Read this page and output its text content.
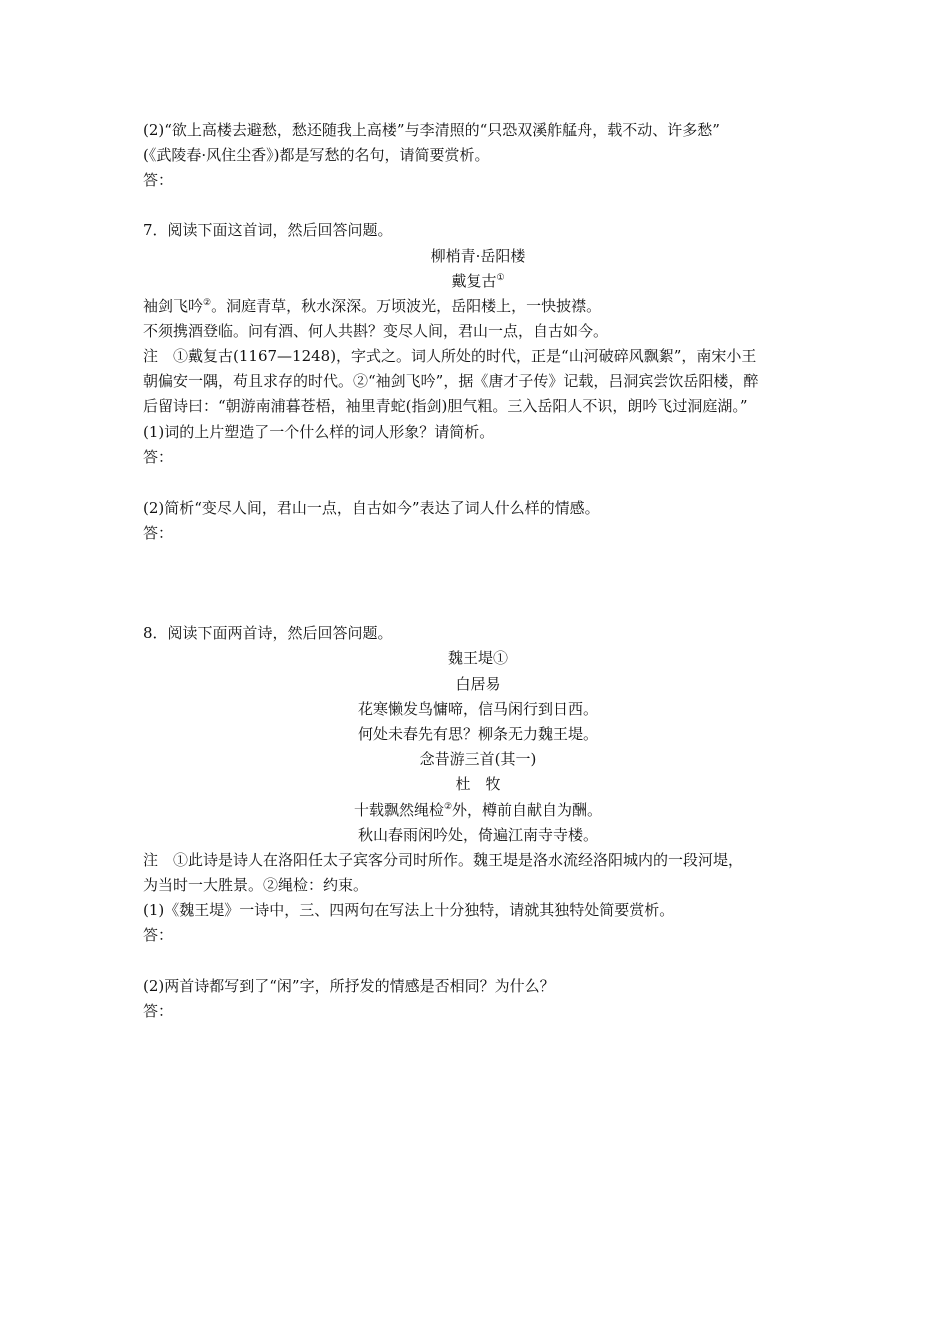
(2)“欲上高楼去避愁，愁还随我上高楼”与李清照的“只恐双溪舴艋舟，载不动、许多愁”
(《武陵春·风住尘香》)都是写愁的名句，请简要赏析。
答：
7．阅读下面这首词，然后回答问题。
柳梢青·岳阳楼
戴复古①
袖剑飞吟②。洞庭青草，秋水深深。万顷波光，岳阳楼上，一快披襟。
不须携酒登临。问有酒、何人共斟？变尽人间，君山一点，自古如今。
注　①戴复古(1167—1248)，字式之。词人所处的时代，正是“山河破碎风飘絮”，南宋小王
朝偏安一隅，苟且求存的时代。②“袖剑飞吟”，据《唐才子传》记载，吕洞宾尝饮岳阳楼，醉
后留诗曰：“朝游南浦暮苍梧，袖里青蛇(指剑)胆气粗。三入岳阳人不识，朗吟飞过洞庭湖。”
(1)词的上片塑造了一个什么样的词人形象？请简析。
答：
(2)简析“变尽人间，君山一点，自古如今”表达了词人什么样的情感。
答：
8．阅读下面两首诗，然后回答问题。
魏王堤①
白居易
花寒懒发鸟慵啼，信马闲行到日西。
何处未春先有思？柳条无力魏王堤。
念昔游三首(其一)
杜　牧
十载飘然绳检②外，樽前自献自为酬。
秋山春雨闲吟处，倚遍江南寺寺楼。
注　①此诗是诗人在洛阳任太子宾客分司时所作。魏王堤是洛水流经洛阳城内的一段河堤，
为当时一大胜景。②绳检：约束。
(1)《魏王堤》一诗中，三、四两句在写法上十分独特，请就其独特处简要赏析。
答：
(2)两首诗都写到了“闲”字，所抒发的情感是否相同？为什么？
答：
